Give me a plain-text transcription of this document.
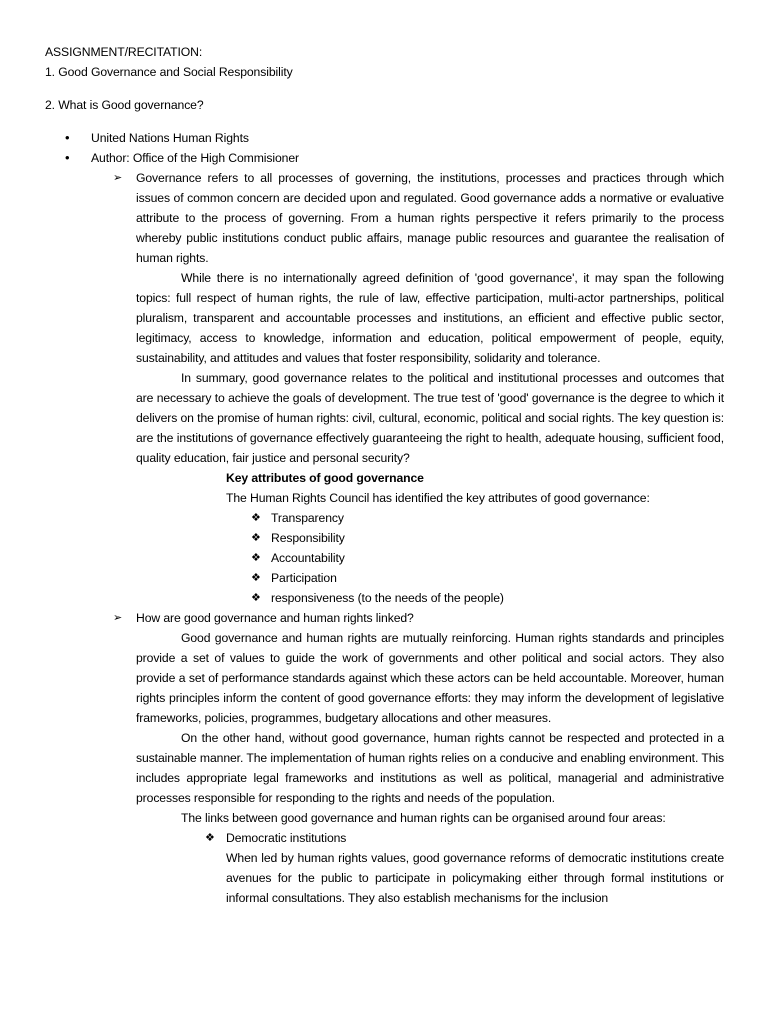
ASSIGNMENT/RECITATION:

1. Good Governance and Social Responsibility

2. What is Good governance?

• United Nations Human Rights
• Author: Office of the High Commisioner
➢ Governance refers to all processes of governing, the institutions, processes and practices through which issues of common concern are decided upon and regulated. Good governance adds a normative or evaluative attribute to the process of governing. From a human rights perspective it refers primarily to the process whereby public institutions conduct public affairs, manage public resources and guarantee the realisation of human rights.

While there is no internationally agreed definition of 'good governance', it may span the following topics: full respect of human rights, the rule of law, effective participation, multi-actor partnerships, political pluralism, transparent and accountable processes and institutions, an efficient and effective public sector, legitimacy, access to knowledge, information and education, political empowerment of people, equity, sustainability, and attitudes and values that foster responsibility, solidarity and tolerance.

In summary, good governance relates to the political and institutional processes and outcomes that are necessary to achieve the goals of development. The true test of 'good' governance is the degree to which it delivers on the promise of human rights: civil, cultural, economic, political and social rights. The key question is: are the institutions of governance effectively guaranteeing the right to health, adequate housing, sufficient food, quality education, fair justice and personal security?

Key attributes of good governance

The Human Rights Council has identified the key attributes of good governance:

❖ Transparency
❖ Responsibility
❖ Accountability
❖ Participation
❖ responsiveness (to the needs of the people)
➢ How are good governance and human rights linked?

Good governance and human rights are mutually reinforcing. Human rights standards and principles provide a set of values to guide the work of governments and other political and social actors. They also provide a set of performance standards against which these actors can be held accountable. Moreover, human rights principles inform the content of good governance efforts: they may inform the development of legislative frameworks, policies, programmes, budgetary allocations and other measures.

On the other hand, without good governance, human rights cannot be respected and protected in a sustainable manner. The implementation of human rights relies on a conducive and enabling environment. This includes appropriate legal frameworks and institutions as well as political, managerial and administrative processes responsible for responding to the rights and needs of the population.

The links between good governance and human rights can be organised around four areas:

❖ Democratic institutions

When led by human rights values, good governance reforms of democratic institutions create avenues for the public to participate in policymaking either through formal institutions or informal consultations. They also establish mechanisms for the inclusion
